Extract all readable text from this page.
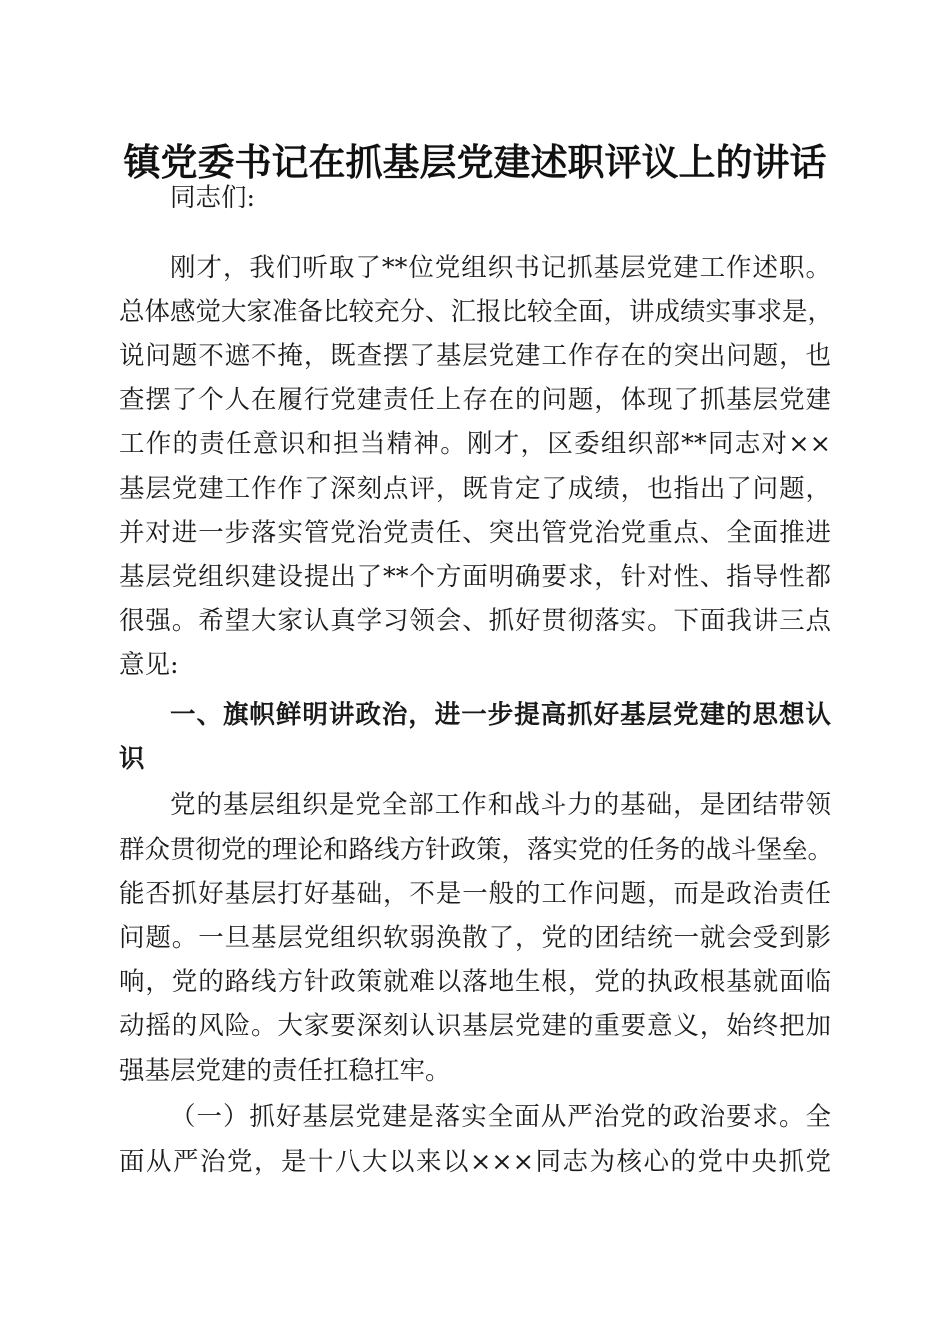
镇党委书记在抓基层党建述职评议上的讲话
同志们:
刚才，我们听取了**位党组织书记抓基层党建工作述职。
总体感觉大家准备比较充分、汇报比较全面，讲成绩实事求是，
说问题不遮不掩，既查摆了基层党建工作存在的突出问题，也
查摆了个人在履行党建责任上存在的问题，体现了抓基层党建
工作的责任意识和担当精神。刚才，区委组织部**同志对××
基层党建工作作了深刻点评，既肯定了成绩，也指出了问题，
并对进一步落实管党治党责任、突出管党治党重点、全面推进
基层党组织建设提出了**个方面明确要求，针对性、指导性都
很强。希望大家认真学习领会、抓好贯彻落实。下面我讲三点
意见:
一、旗帜鲜明讲政治，进一步提高抓好基层党建的思想认
识
党的基层组织是党全部工作和战斗力的基础，是团结带领
群众贯彻党的理论和路线方针政策，落实党的任务的战斗堡垒。
能否抓好基层打好基础，不是一般的工作问题，而是政治责任
问题。一旦基层党组织软弱涣散了，党的团结统一就会受到影
响，党的路线方针政策就难以落地生根，党的执政根基就面临
动摇的风险。大家要深刻认识基层党建的重要意义，始终把加
强基层党建的责任扛稳扛牢。
（一）抓好基层党建是落实全面从严治党的政治要求。全
面从严治党，是十八大以来以×××同志为核心的党中央抓党
